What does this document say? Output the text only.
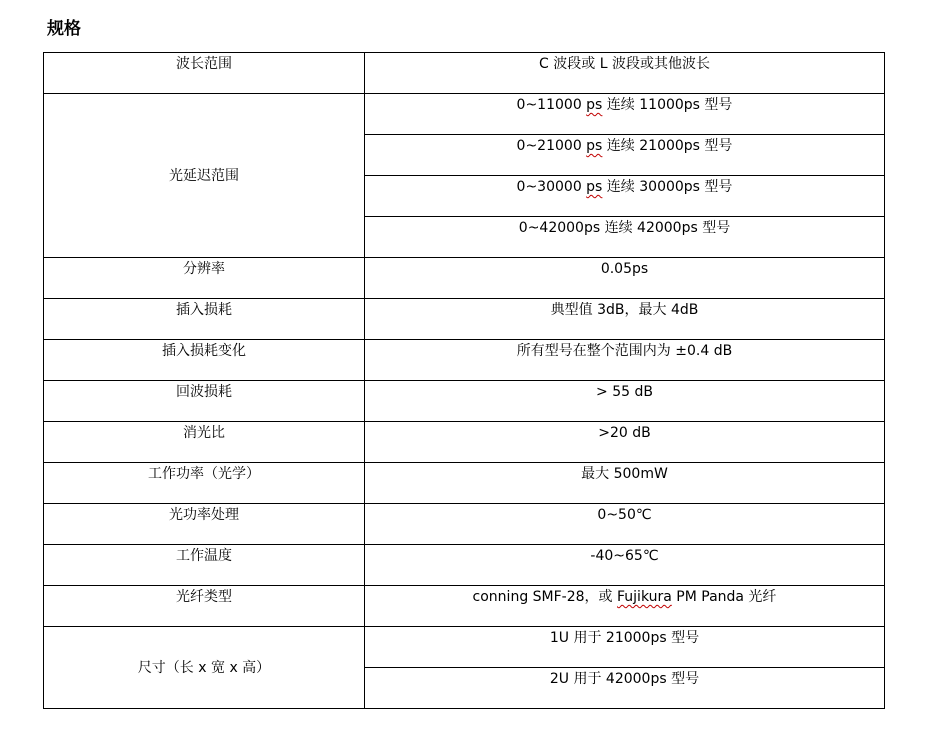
规格
波长范围	C 波段或 L 波段或其他波长

光延迟范围	0~11000 ps 连续 11000ps 型号

	0~21000 ps 连续 21000ps 型号

	0~30000 ps 连续 30000ps 型号

	0~42000ps 连续 42000ps 型号

分辨率	0.05ps

插入损耗	典型值 3dB，最大 4dB

插入损耗变化	所有型号在整个范围内为 ±0.4 dB

回波损耗	> 55 dB

消光比	>20 dB

工作功率（光学）	最大 500mW

光功率处理	0~50℃

工作温度	-40~65℃

光纤类型	conning SMF-28，或 Fujikura PM Panda 光纤

尺寸（长 x 宽 x 高）	1U 用于 21000ps 型号

	2U 用于 42000ps 型号
